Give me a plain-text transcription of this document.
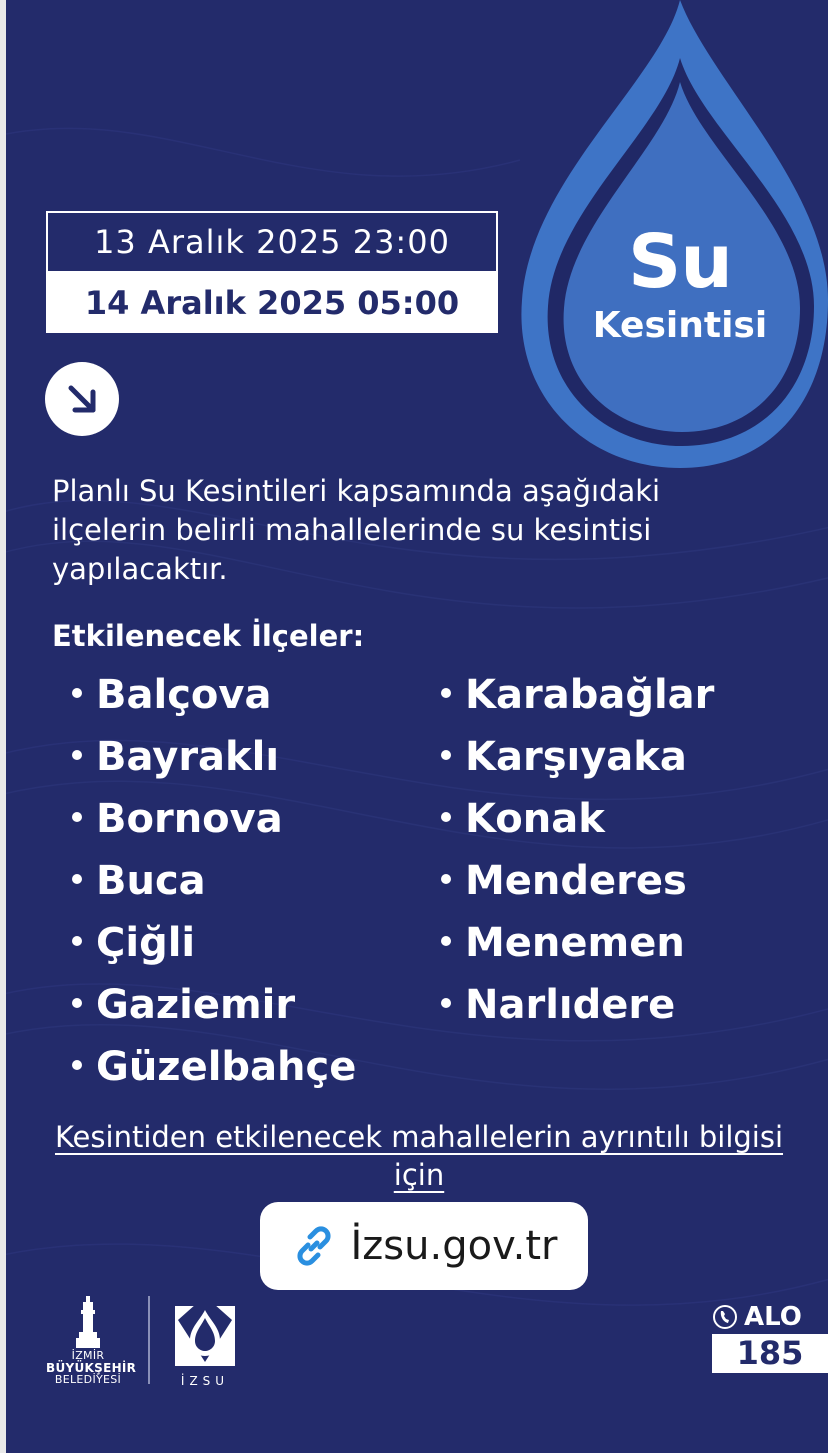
Su
Kesintisi
13 Aralık 2025 23:00
14 Aralık 2025 05:00
Planlı Su Kesintileri kapsamında aşağıdaki ilçelerin belirli mahallelerinde su kesintisi yapılacaktır.
Etkilenecek İlçeler:
Balçova
Bayraklı
Bornova
Buca
Çiğli
Gaziemir
Güzelbahçe
Karabağlar
Karşıyaka
Konak
Menderes
Menemen
Narlıdere
Kesintiden etkilenecek mahallelerin ayrıntılı bilgisi için
İzsu.gov.tr
İZMİR
BÜYÜKŞEHİR
BELEDİYESİ	İZSU
ALO
185
